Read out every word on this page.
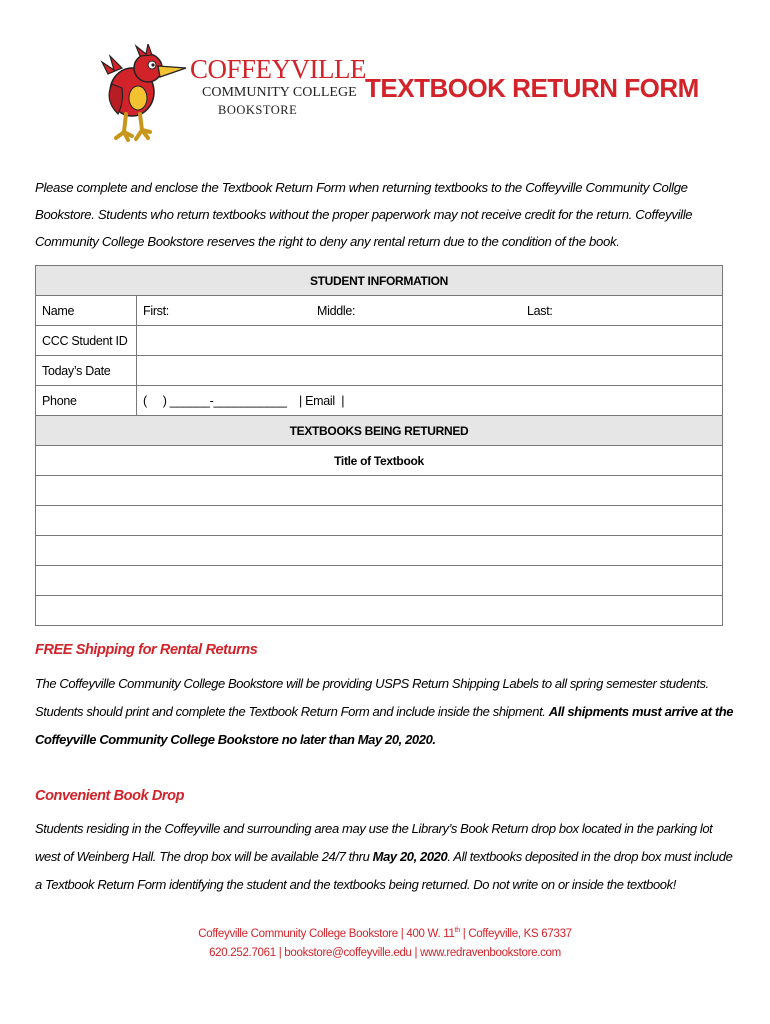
COFFEYVILLE
COMMUNITY COLLEGE
BOOKSTORE
TEXTBOOK RETURN FORM
Please complete and enclose the Textbook Return Form when returning textbooks to the Coffeyville Community Collge Bookstore. Students who return textbooks without the proper paperwork may not receive credit for the return. Coffeyville Community College Bookstore reserves the right to deny any rental return due to the condition of the book.
STUDENT INFORMATION	
Name	First: Middle: Last:
CCC Student ID	
Today’s Date	
Phone	(     ) ______-___________ | Email  |
TEXTBOOKS BEING RETURNED	
Title of Textbook	

FREE Shipping for Rental Returns
The Coffeyville Community College Bookstore will be providing USPS Return Shipping Labels to all spring semester students. Students should print and complete the Textbook Return Form and include inside the shipment. All shipments must arrive at the Coffeyville Community College Bookstore no later than May 20, 2020.
Convenient Book Drop
Students residing in the Coffeyville and surrounding area may use the Library’s Book Return drop box located in the parking lot west of Weinberg Hall. The drop box will be available 24/7 thru May 20, 2020. All textbooks deposited in the drop box must include a Textbook Return Form identifying the student and the textbooks being returned. Do not write on or inside the textbook!
Coffeyville Community College Bookstore | 400 W. 11th | Coffeyville, KS 67337
620.252.7061 | bookstore@coffeyville.edu | www.redravenbookstore.com
